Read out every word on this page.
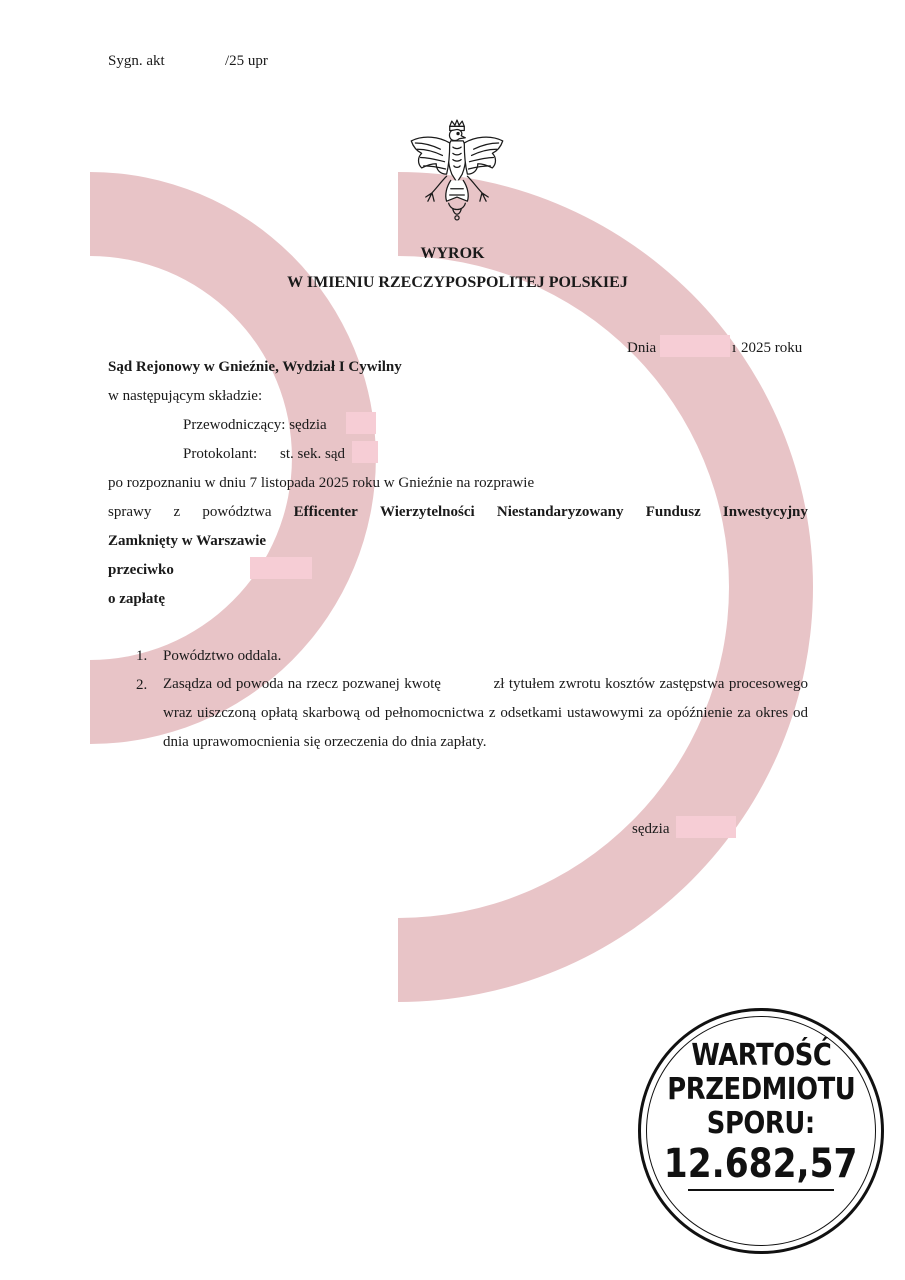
Sygn. akt	/25 upr
WYROK
W IMIENIU RZECZYPOSPOLITEJ POLSKIEJ
Dnia	ı 2025 roku
Sąd Rejonowy w Gnieźnie, Wydział I Cywilny
w następującym składzie:
Przewodniczący: sędzia
Protokolant: st. sek. sąd
po rozpoznaniu w dniu 7 listopada 2025 roku w Gnieźnie na rozprawie
sprawy z powództwa Efficenter Wierzytelności Niestandaryzowany Fundusz Inwestycyjny
Zamknięty w Warszawie
przeciwko
o zapłatę
1. Powództwo oddala.
2. Zasądza od powoda na rzecz pozwanej kwotę            zł tytułem zwrotu kosztów zastępstwa procesowego wraz uiszczoną opłatą skarbową od pełnomocnictwa z odsetkami ustawowymi za opóźnienie za okres od dnia uprawomocnienia się orzeczenia do dnia zapłaty.
sędzia
WARTOŚĆ
PRZEDMIOTU
SPORU:
12.682,57
